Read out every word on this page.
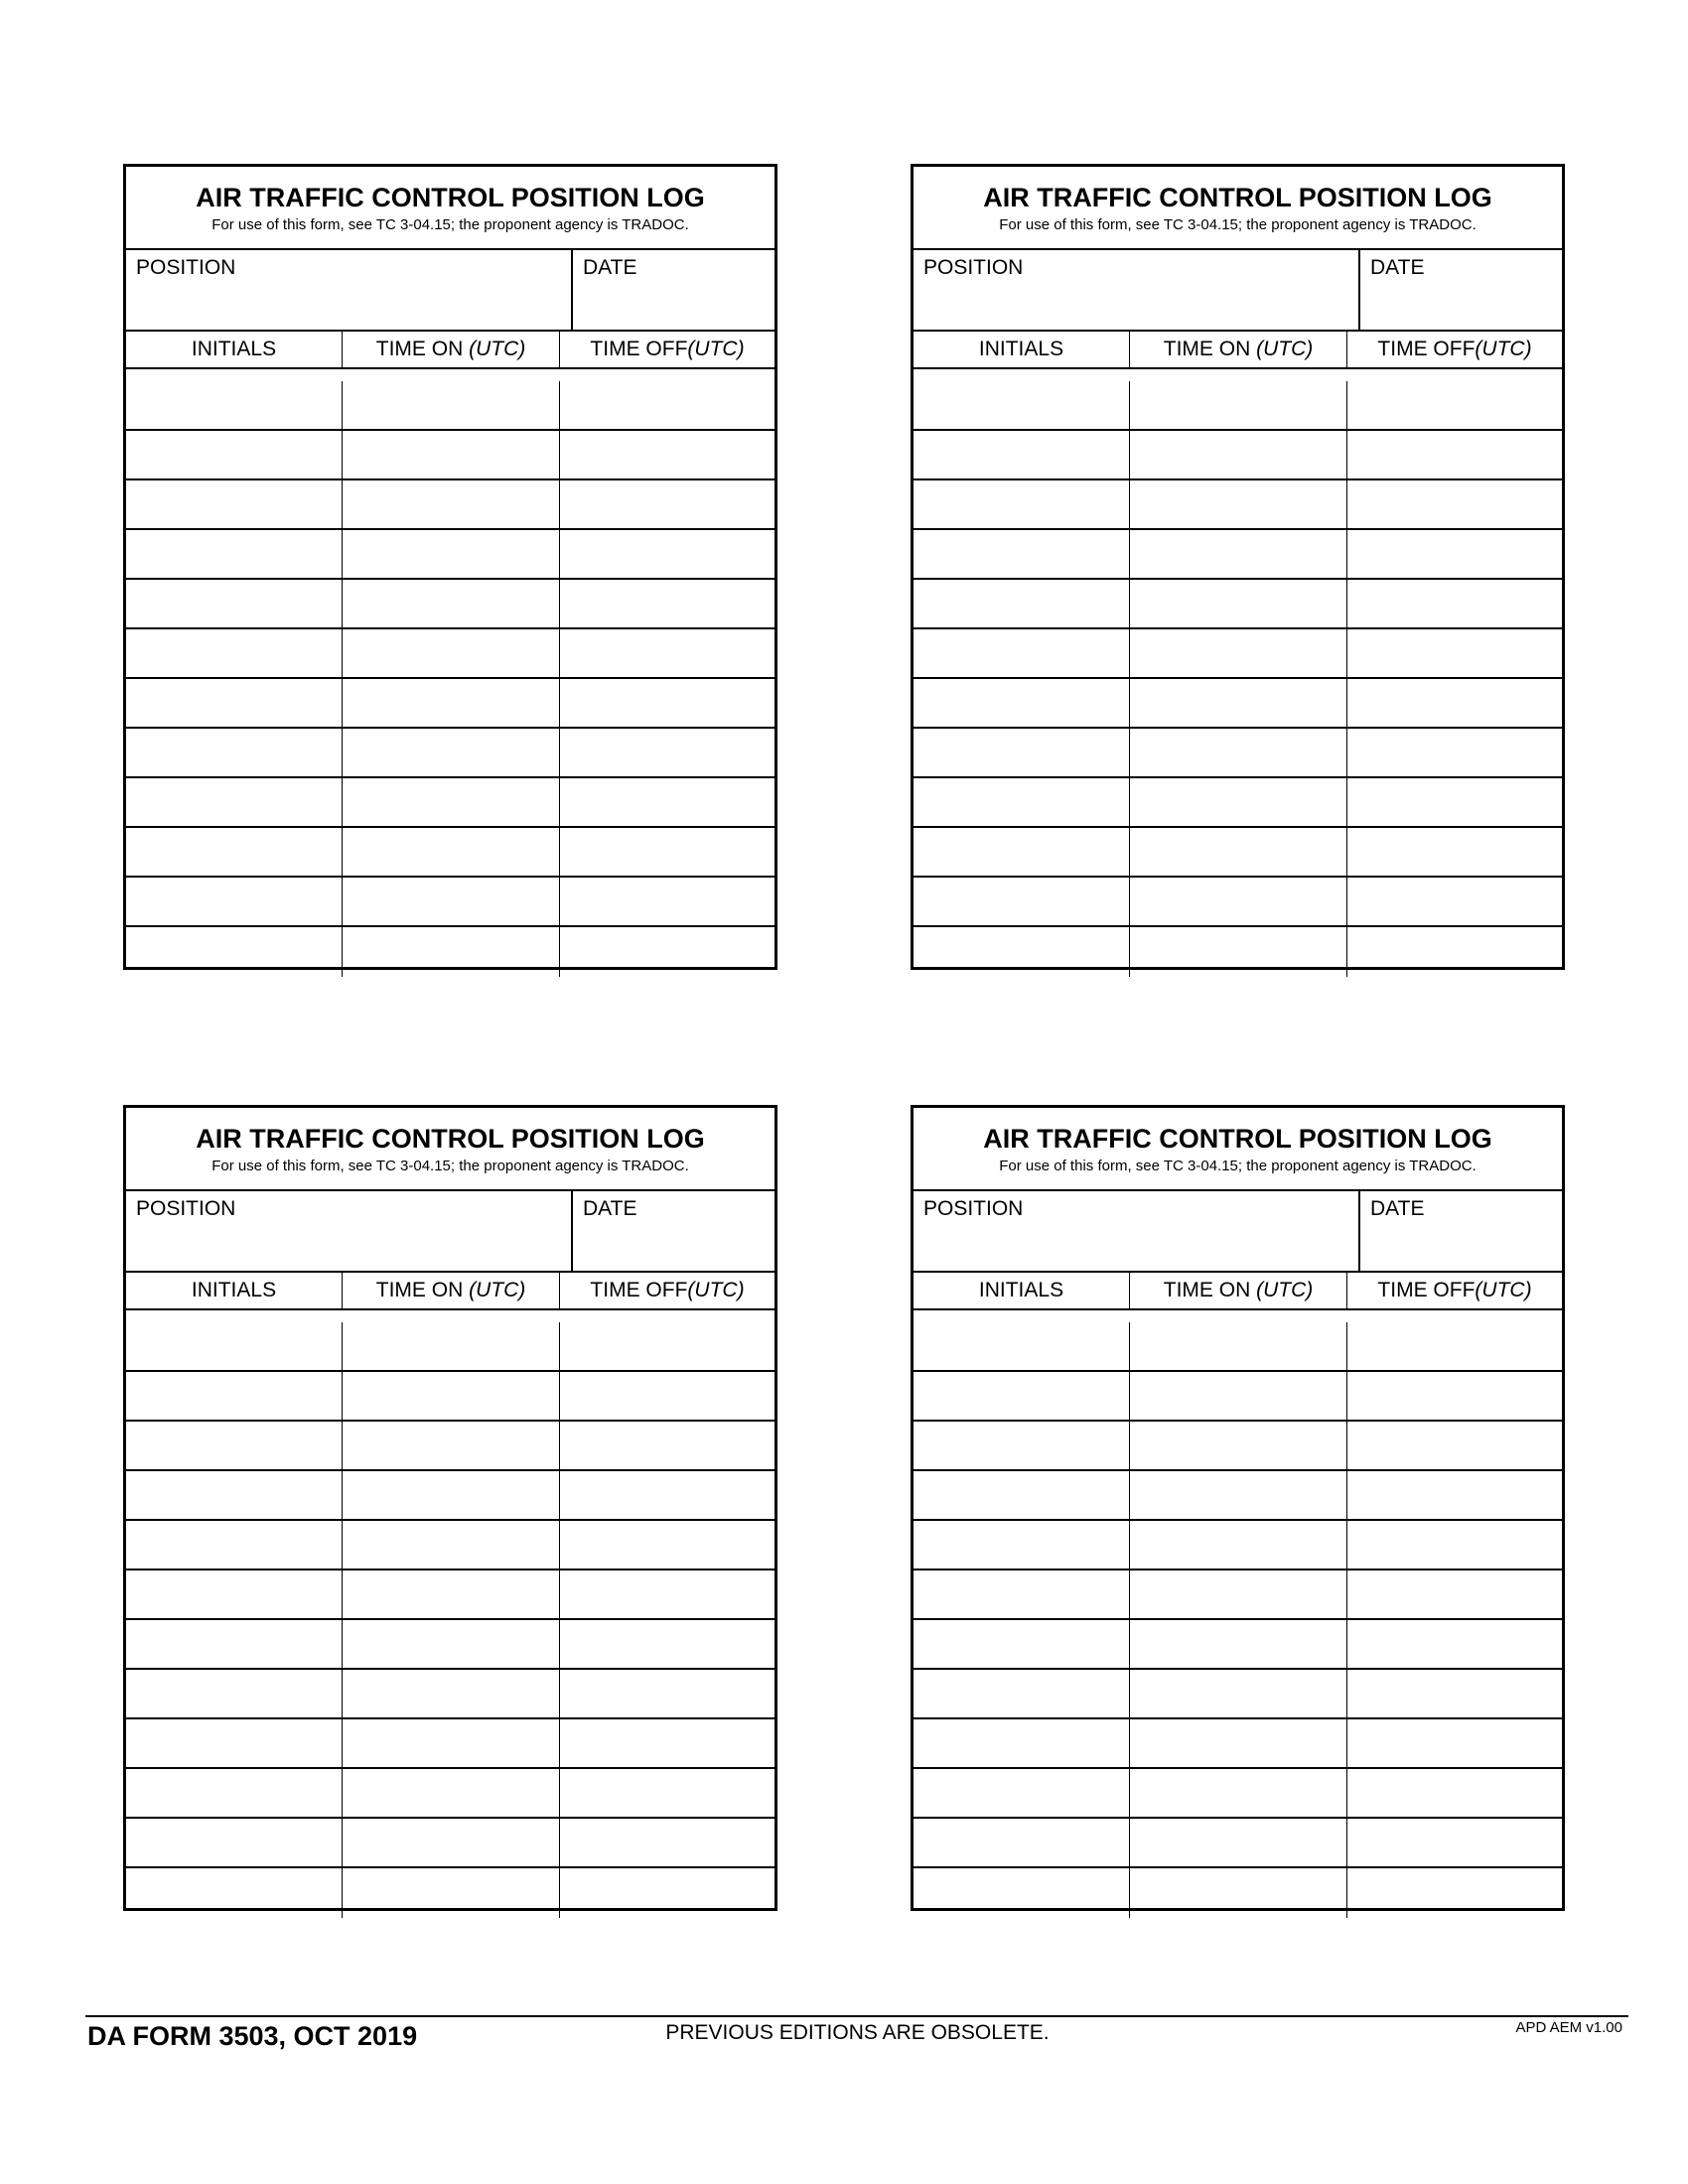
AIR TRAFFIC CONTROL POSITION LOG
For use of this form, see TC 3-04.15; the proponent agency is TRADOC.
POSITION	DATE
INITIALS	TIME ON (UTC)	TIME OFF (UTC)
AIR TRAFFIC CONTROL POSITION LOG
For use of this form, see TC 3-04.15; the proponent agency is TRADOC.
POSITION	DATE
INITIALS	TIME ON (UTC)	TIME OFF (UTC)
AIR TRAFFIC CONTROL POSITION LOG
For use of this form, see TC 3-04.15; the proponent agency is TRADOC.
POSITION	DATE
INITIALS	TIME ON (UTC)	TIME OFF (UTC)
AIR TRAFFIC CONTROL POSITION LOG
For use of this form, see TC 3-04.15; the proponent agency is TRADOC.
POSITION	DATE
INITIALS	TIME ON (UTC)	TIME OFF (UTC)
DA FORM 3503, OCT 2019	PREVIOUS EDITIONS ARE OBSOLETE.	APD AEM v1.00
